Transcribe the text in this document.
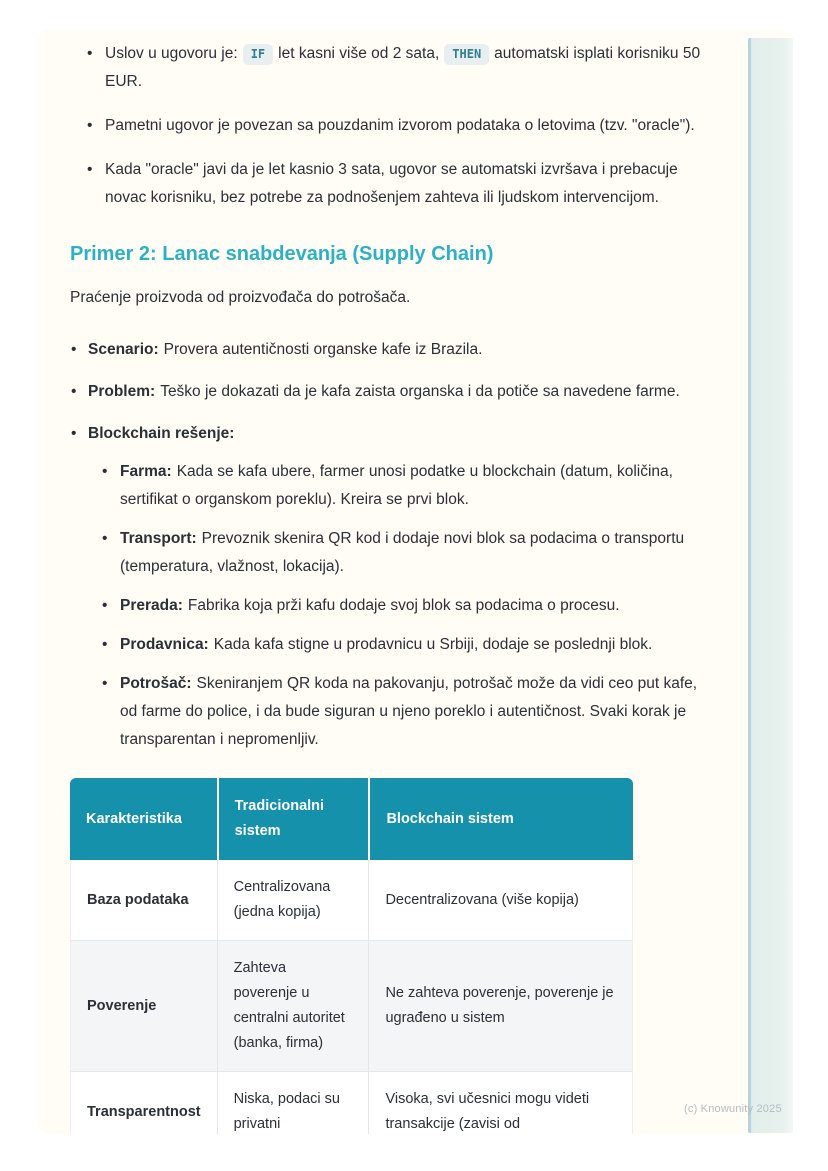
• Uslov u ugovoru je: IF let kasni više od 2 sata, THEN automatski isplati korisniku 50 EUR.
• Pametni ugovor je povezan sa pouzdanim izvorom podataka o letovima (tzv. "oracle").
• Kada "oracle" javi da je let kasnio 3 sata, ugovor se automatski izvršava i prebacuje novac korisniku, bez potrebe za podnošenjem zahteva ili ljudskom intervencijom.
Primer 2: Lanac snabdevanja (Supply Chain)

Praćenje proizvoda od proizvođača do potrošača.

• Scenario: Provera autentičnosti organske kafe iz Brazila.
• Problem: Teško je dokazati da je kafa zaista organska i da potiče sa navedene farme.
• Blockchain rešenje:
• Farma: Kada se kafa ubere, farmer unosi podatke u blockchain (datum, količina, sertifikat o organskom poreklu). Kreira se prvi blok.
• Transport: Prevoznik skenira QR kod i dodaje novi blok sa podacima o transportu (temperatura, vlažnost, lokacija).
• Prerada: Fabrika koja prži kafu dodaje svoj blok sa podacima o procesu.
• Prodavnica: Kada kafa stigne u prodavnicu u Srbiji, dodaje se poslednji blok.
• Potrošač: Skeniranjem QR koda na pakovanju, potrošač može da vidi ceo put kafe, od farme do police, i da bude siguran u njeno poreklo i autentičnost. Svaki korak je transparentan i nepromenljiv.
Karakteristika	Tradicionalni sistem	Blockchain sistem
Baza podataka	Centralizovana (jedna kopija)	Decentralizovana (više kopija)
Poverenje	Zahteva poverenje u centralni autoritet (banka, firma)	Ne zahteva poverenje, poverenje je ugrađeno u sistem
Transparentnost	Niska, podaci su privatni	Visoka, svi učesnici mogu videti transakcije (zavisi od
(c) Knowunity 2025
